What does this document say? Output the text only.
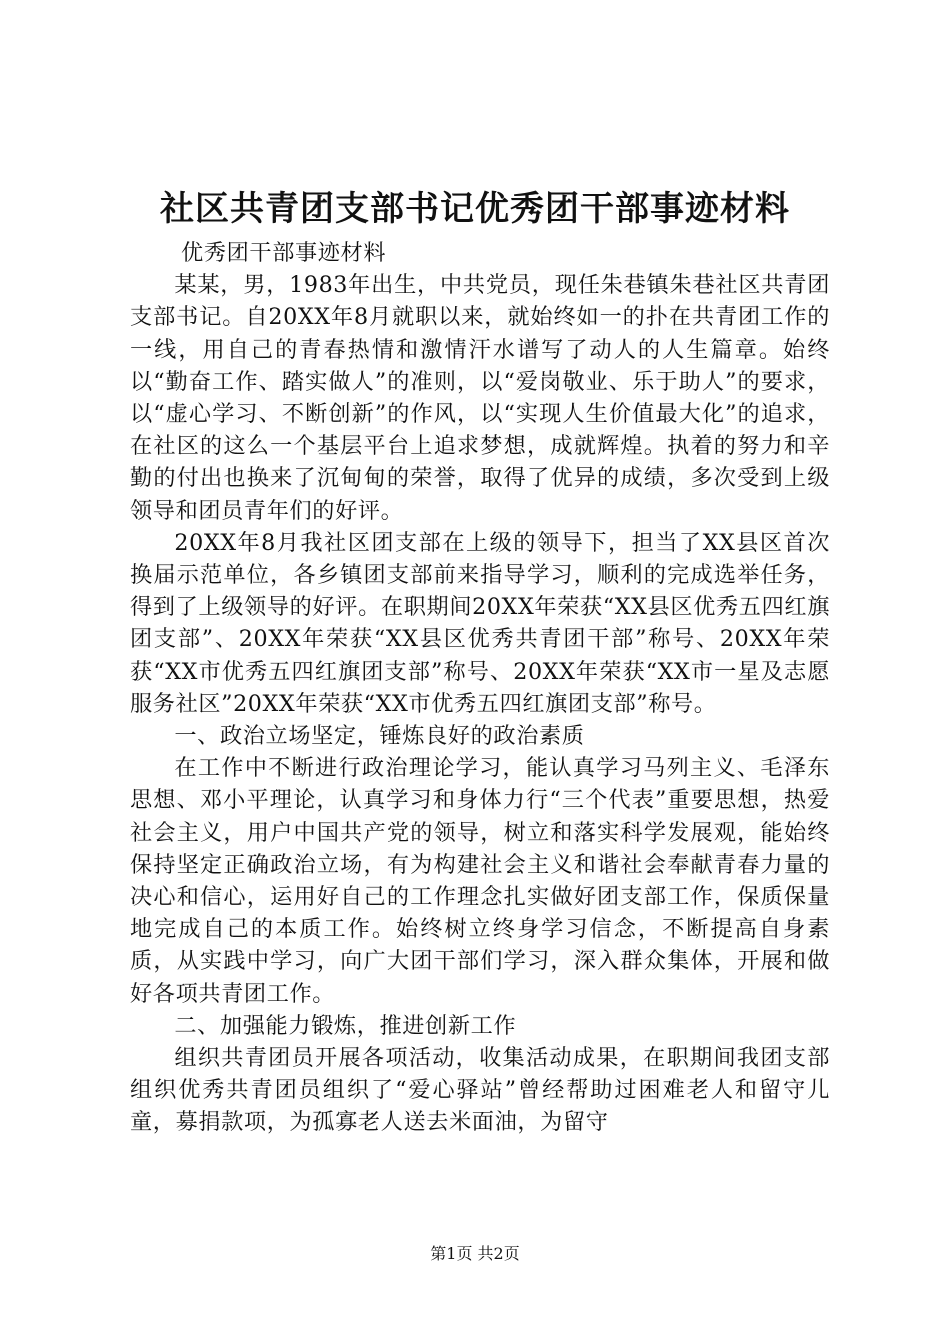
社区共青团支部书记优秀团干部事迹材料

优秀团干部事迹材料

某某，男，1983年出生，中共党员，现任朱巷镇朱巷社区共青团支部书记。自20XX年8月就职以来，就始终如一的扑在共青团工作的一线，用自己的青春热情和激情汗水谱写了动人的人生篇章。始终以“勤奋工作、踏实做人”的准则，以“爱岗敬业、乐于助人”的要求，以“虚心学习、不断创新”的作风，以“实现人生价值最大化”的追求，在社区的这么一个基层平台上追求梦想，成就辉煌。执着的努力和辛勤的付出也换来了沉甸甸的荣誉，取得了优异的成绩，多次受到上级领导和团员青年们的好评。

20XX年8月我社区团支部在上级的领导下，担当了XX县区首次换届示范单位，各乡镇团支部前来指导学习，顺利的完成选举任务，得到了上级领导的好评。在职期间20XX年荣获“XX县区优秀五四红旗团支部”、20XX年荣获“XX县区优秀共青团干部”称号、20XX年荣获“XX市优秀五四红旗团支部”称号、20XX年荣获“XX市一星及志愿服务社区”20XX年荣获“XX市优秀五四红旗团支部”称号。

一、政治立场坚定，锤炼良好的政治素质

在工作中不断进行政治理论学习，能认真学习马列主义、毛泽东思想、邓小平理论，认真学习和身体力行“三个代表”重要思想，热爱社会主义，用户中国共产党的领导，树立和落实科学发展观，能始终保持坚定正确政治立场，有为构建社会主义和谐社会奉献青春力量的决心和信心，运用好自己的工作理念扎实做好团支部工作，保质保量地完成自己的本质工作。始终树立终身学习信念，不断提高自身素质，从实践中学习，向广大团干部们学习，深入群众集体，开展和做好各项共青团工作。

二、加强能力锻炼，推进创新工作

组织共青团员开展各项活动，收集活动成果，在职期间我团支部组织优秀共青团员组织了“爱心驿站”曾经帮助过困难老人和留守儿童，募捐款项，为孤寡老人送去米面油，为留守

第1页 共2页
